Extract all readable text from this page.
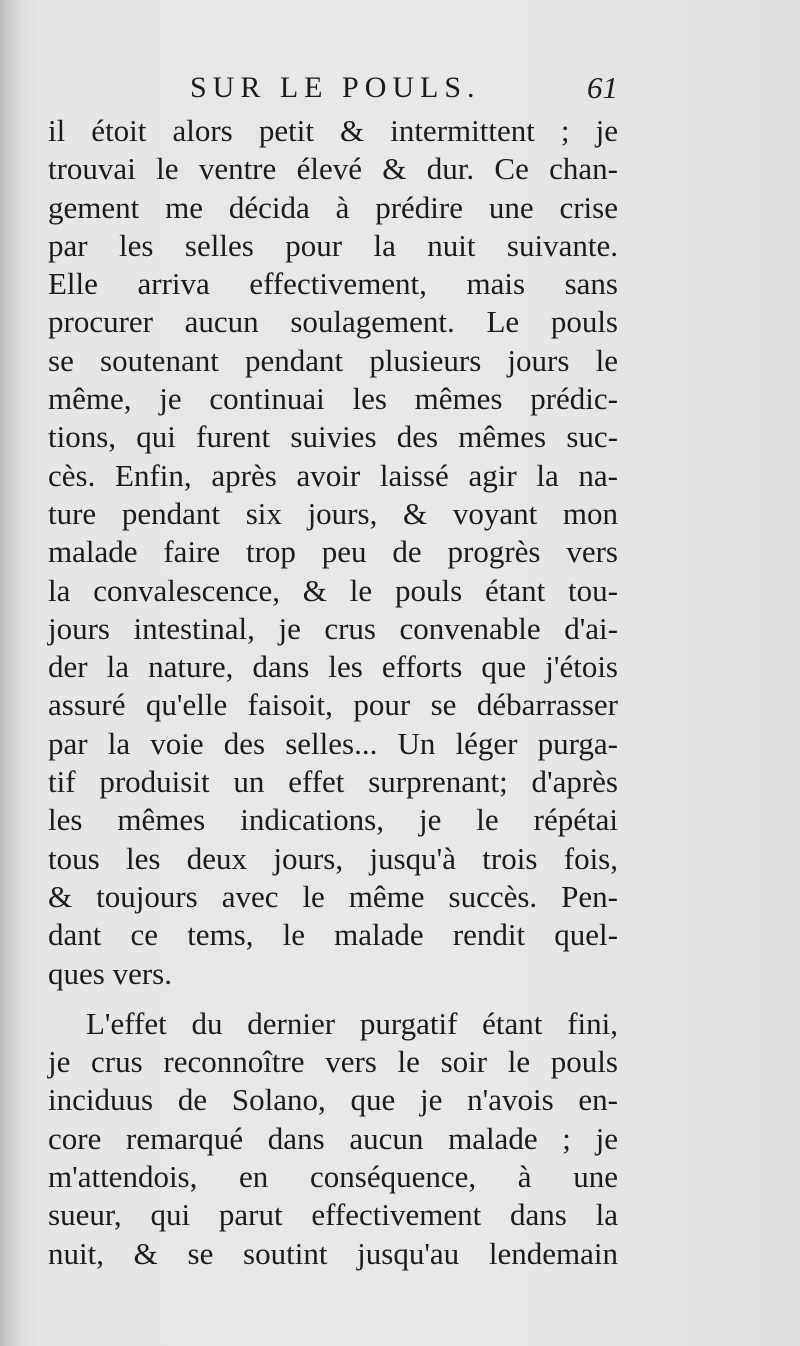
SUR LE POULS.	61
il étoit alors petit & intermittent ; je
trouvai le ventre élevé & dur. Ce chan-
gement me décida à prédire une crise
par les selles pour la nuit suivante.
Elle arriva effectivement, mais sans
procurer aucun soulagement. Le pouls
se soutenant pendant plusieurs jours le
même, je continuai les mêmes prédic-
tions, qui furent suivies des mêmes suc-
cès. Enfin, après avoir laissé agir la na-
ture pendant six jours, & voyant mon
malade faire trop peu de progrès vers
la convalescence, & le pouls étant tou-
jours intestinal, je crus convenable d'ai-
der la nature, dans les efforts que j'étois
assuré qu'elle faisoit, pour se débarrasser
par la voie des selles... Un léger purga-
tif produisit un effet surprenant; d'après
les mêmes indications, je le répétai
tous les deux jours, jusqu'à trois fois,
& toujours avec le même succès. Pen-
dant ce tems, le malade rendit quel-
ques vers.
L'effet du dernier purgatif étant fini,
je crus reconnoître vers le soir le pouls
inciduus de Solano, que je n'avois en-
core remarqué dans aucun malade ; je
m'attendois, en conséquence, à une
sueur, qui parut effectivement dans la
nuit, & se soutint jusqu'au lendemain
